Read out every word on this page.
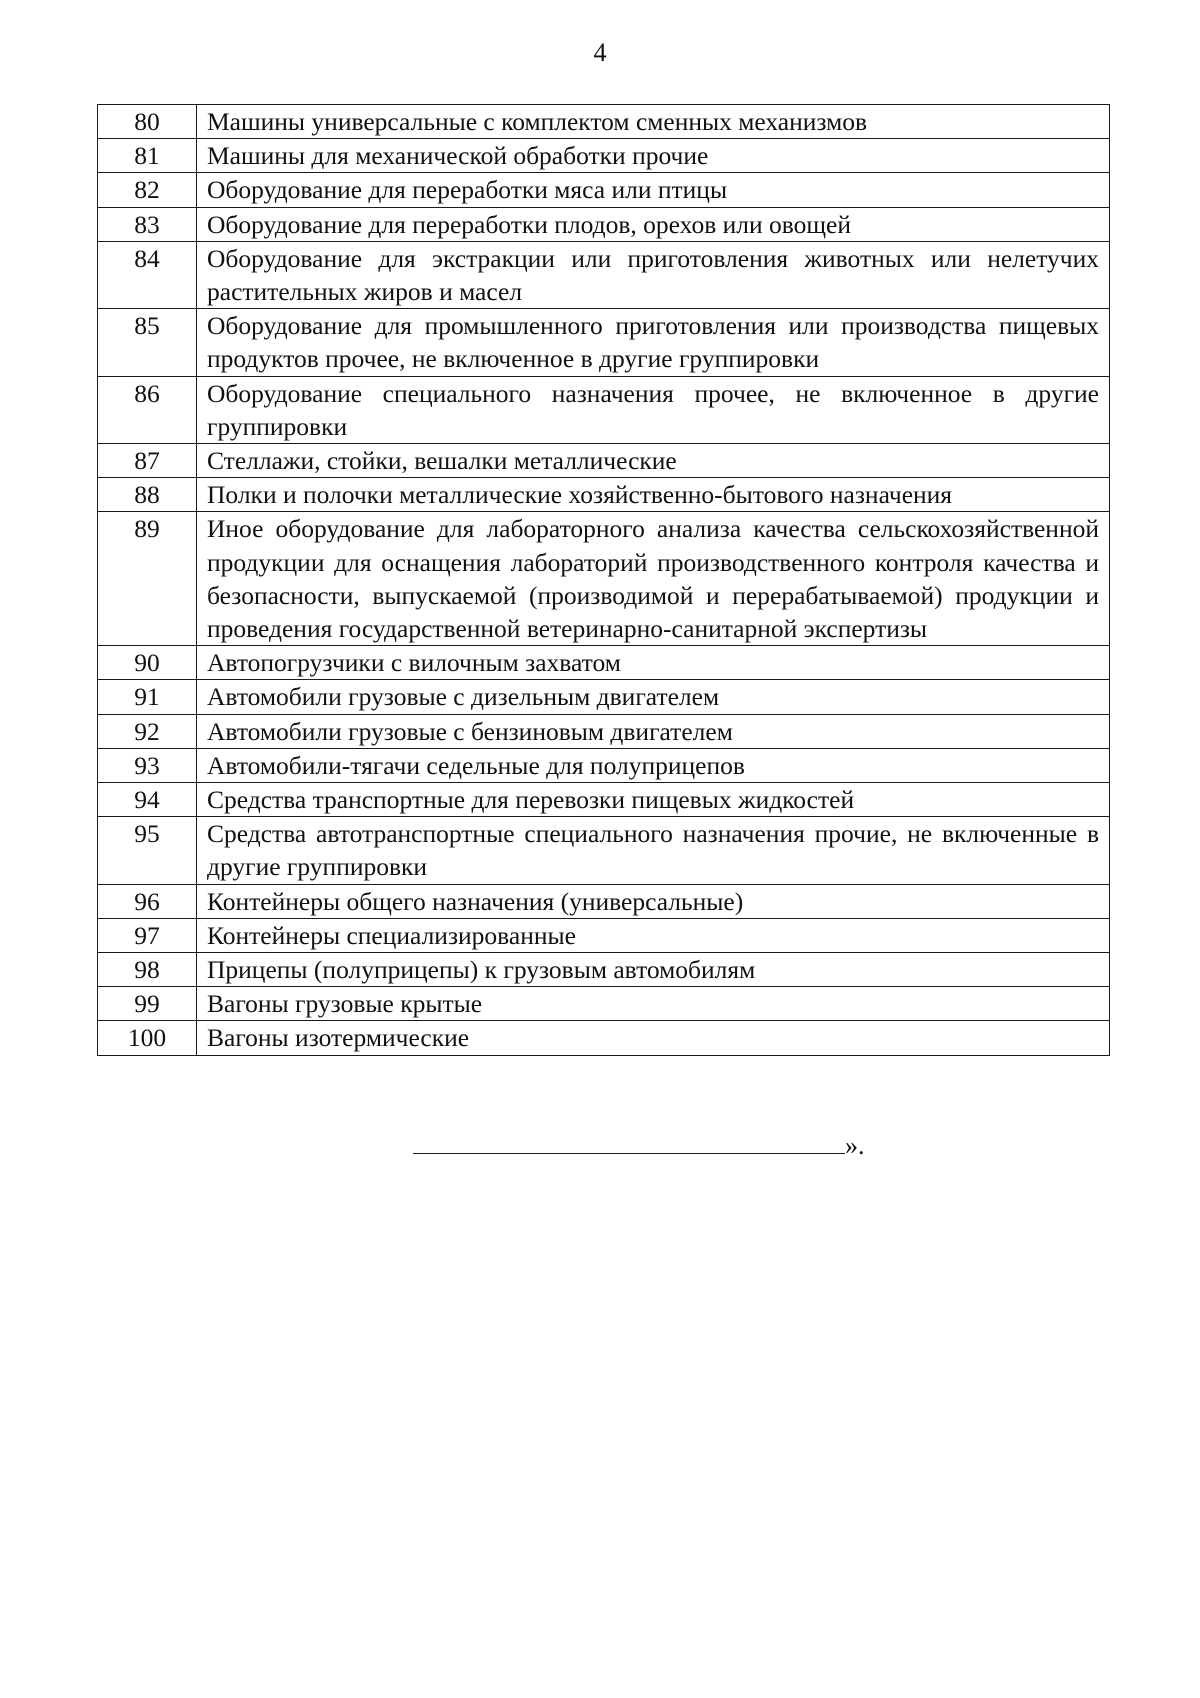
4
80	Машины универсальные с комплектом сменных механизмов
81	Машины для механической обработки прочие
82	Оборудование для переработки мяса или птицы
83	Оборудование для переработки плодов, орехов или овощей
84	Оборудование для экстракции или приготовления животных или нелетучих растительных жиров и масел
85	Оборудование для промышленного приготовления или производства пищевых продуктов прочее, не включенное в другие группировки
86	Оборудование специального назначения прочее, не включенное в другие группировки
87	Стеллажи, стойки, вешалки металлические
88	Полки и полочки металлические хозяйственно-бытового назначения
89	Иное оборудование для лабораторного анализа качества сельскохозяйственной продукции для оснащения лабораторий производственного контроля качества и безопасности, выпускаемой (производимой и перерабатываемой) продукции и проведения государственной ветеринарно-санитарной экспертизы
90	Автопогрузчики с вилочным захватом
91	Автомобили грузовые с дизельным двигателем
92	Автомобили грузовые с бензиновым двигателем
93	Автомобили-тягачи седельные для полуприцепов
94	Средства транспортные для перевозки пищевых жидкостей
95	Средства автотранспортные специального назначения прочие, не включенные в другие группировки
96	Контейнеры общего назначения (универсальные)
97	Контейнеры специализированные
98	Прицепы (полуприцепы) к грузовым автомобилям
99	Вагоны грузовые крытые
100	Вагоны изотермические
».
